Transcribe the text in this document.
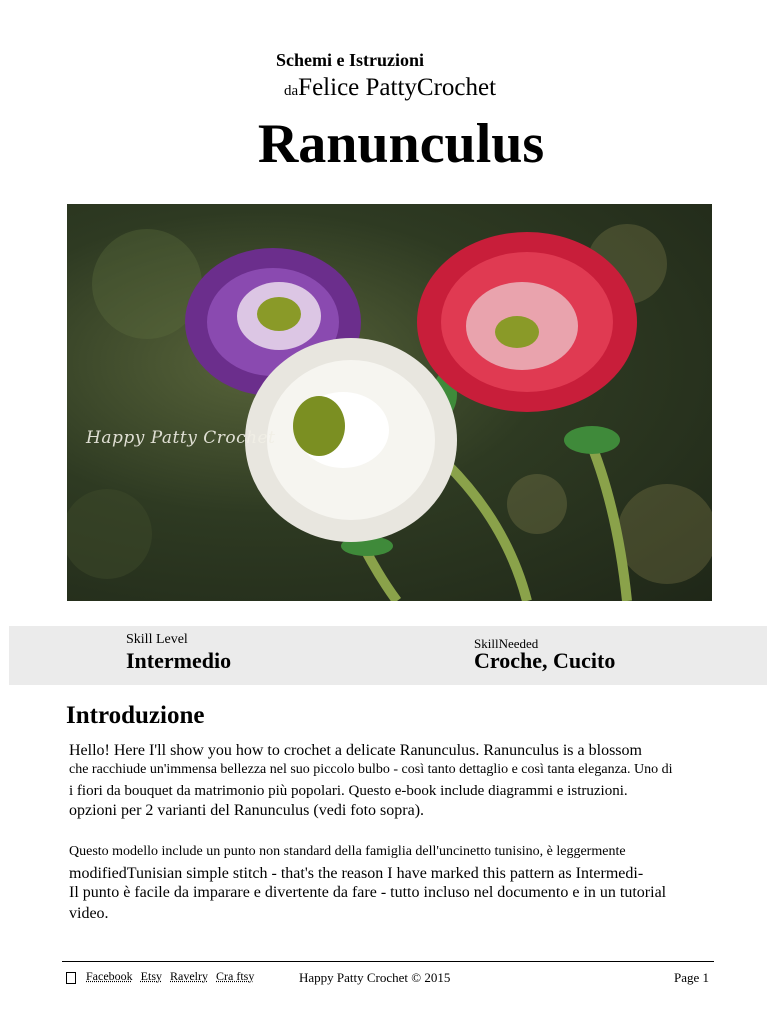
Schemi e Istruzioni
daFelice PattyCrochet
Ranunculus
Happy Patty Crochet
Skill Level
Intermedio
SkillNeeded
Croche, Cucito
Introduzione
Hello! Here I'll show you how to crochet a delicate Ranunculus. Ranunculus is a blossom
che racchiude un'immensa bellezza nel suo piccolo bulbo - così tanto dettaglio e così tanta eleganza. Uno di
i fiori da bouquet da matrimonio più popolari. Questo e-book include diagrammi e istruzioni.
opzioni per 2 varianti del Ranunculus (vedi foto sopra).
Questo modello include un punto non standard della famiglia dell'uncinetto tunisino, è leggermente
modifiedTunisian simple stitch - that's the reason I have marked this pattern as Intermedi-
Il punto è facile da imparare e divertente da fare - tutto incluso nel documento e in un tutorial
video.
Facebook Etsy Ravelry Cra ftsy	Happy Patty Crochet © 2015	Page 1
